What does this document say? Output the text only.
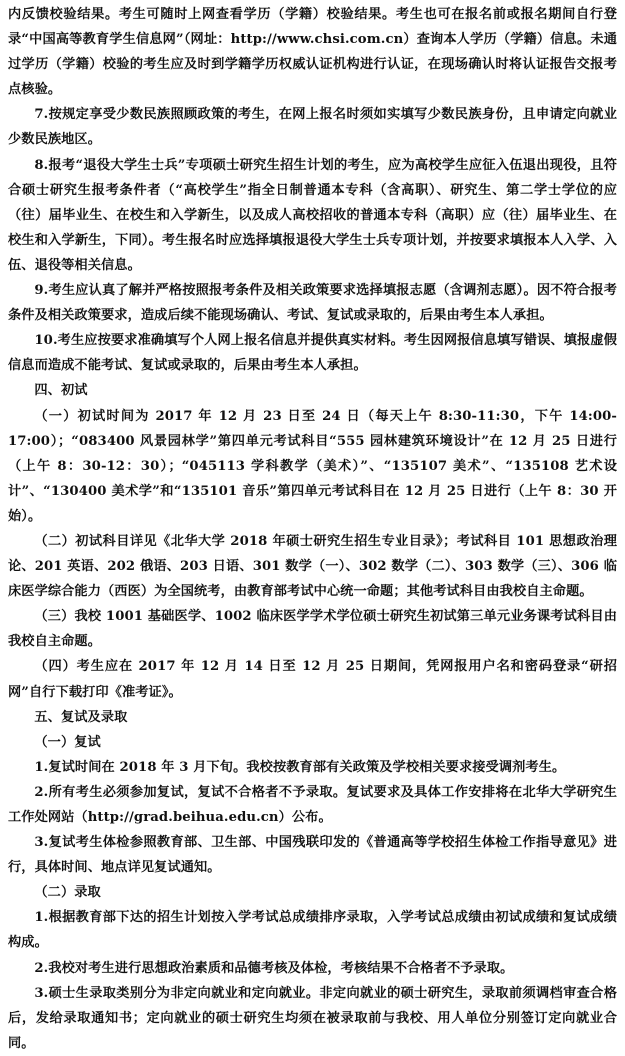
内反馈校验结果。考生可随时上网查看学历（学籍）校验结果。考生也可在报名前或报名期间自行登录“中国高等教育学生信息网”（网址：http://www.chsi.com.cn）查询本人学历（学籍）信息。未通过学历（学籍）校验的考生应及时到学籍学历权威认证机构进行认证，在现场确认时将认证报告交报考点核验。

7.按规定享受少数民族照顾政策的考生，在网上报名时须如实填写少数民族身份，且申请定向就业少数民族地区。

8.报考“退役大学生士兵”专项硕士研究生招生计划的考生，应为高校学生应征入伍退出现役，且符合硕士研究生报考条件者（“高校学生”指全日制普通本专科（含高职）、研究生、第二学士学位的应（往）届毕业生、在校生和入学新生，以及成人高校招收的普通本专科（高职）应（往）届毕业生、在校生和入学新生，下同）。考生报名时应选择填报退役大学生士兵专项计划，并按要求填报本人入学、入伍、退役等相关信息。

9.考生应认真了解并严格按照报考条件及相关政策要求选择填报志愿（含调剂志愿）。因不符合报考条件及相关政策要求，造成后续不能现场确认、考试、复试或录取的，后果由考生本人承担。

10.考生应按要求准确填写个人网上报名信息并提供真实材料。考生因网报信息填写错误、填报虚假信息而造成不能考试、复试或录取的，后果由考生本人承担。

四、初试

（一）初试时间为 2017 年 12 月 23 日至 24 日（每天上午 8:30-11:30，下午 14:00-17:00）；“083400 风景园林学”第四单元考试科目“555 园林建筑环境设计”在 12 月 25 日进行（上午 8：30-12：30）；“045113 学科教学（美术）”、“135107 美术”、“135108 艺术设计”、“130400 美术学”和“135101 音乐”第四单元考试科目在 12 月 25 日进行（上午 8：30 开始）。

（二）初试科目详见《北华大学 2018 年硕士研究生招生专业目录》；考试科目 101 思想政治理论、201 英语、202 俄语、203 日语、301 数学（一）、302 数学（二）、303 数学（三）、306 临床医学综合能力（西医）为全国统考，由教育部考试中心统一命题；其他考试科目由我校自主命题。

（三）我校 1001 基础医学、1002 临床医学学术学位硕士研究生初试第三单元业务课考试科目由我校自主命题。

（四）考生应在 2017 年 12 月 14 日至 12 月 25 日期间，凭网报用户名和密码登录“研招网”自行下载打印《准考证》。

五、复试及录取

（一）复试

1.复试时间在 2018 年 3 月下旬。我校按教育部有关政策及学校相关要求接受调剂考生。

2.所有考生必须参加复试，复试不合格者不予录取。复试要求及具体工作安排将在北华大学研究生工作处网站（http://grad.beihua.edu.cn）公布。

3.复试考生体检参照教育部、卫生部、中国残联印发的《普通高等学校招生体检工作指导意见》进行，具体时间、地点详见复试通知。

（二）录取

1.根据教育部下达的招生计划按入学考试总成绩排序录取，入学考试总成绩由初试成绩和复试成绩构成。

2.我校对考生进行思想政治素质和品德考核及体检，考核结果不合格者不予录取。

3.硕士生录取类别分为非定向就业和定向就业。非定向就业的硕士研究生，录取前须调档审查合格后，发给录取通知书；定向就业的硕士研究生均须在被录取前与我校、用人单位分别签订定向就业合同。
